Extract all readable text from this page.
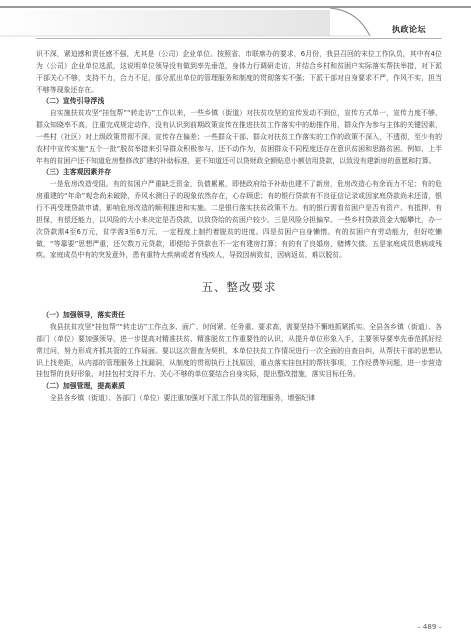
执政论坛

识不深，紧迫感和责任感不强，尤其是（公司）企业单位。按照省、市联席办的要求，6月份，我县召回的末位工作队员，其中有4位为（公司）企业单位选派，这说明单位领导没有做到率先垂范，身体力行调研走访，并结合乡村和贫困户实际落实帮扶举措，对下派干部关心不够，支持不力，合力不足，部分派出单位的管理服务和制度的贯彻落实不强；下派干部对自身要求不严，作风不实，担当不够等现象还存在。

（二）宣传引导浮浅

自实施扶贫攻坚“挂包帮”“转走访”工作以来，一些乡镇（街道）对扶贫攻坚的宣传发动不到位，宣传方式单一，宣传力度不够，群众知晓率不高，注重完成规定动作，没有认识到前期政策宣传在推进扶贫工作落实中的助推作用，群众作为参与主体的关键因素，一些村（社区）对上级政策贯彻不深，宣传存在偏差；一些群众干部、群众对扶贫工作落实的工作的政策不深入，不透彻，至少有的农村中宣传实施“五个一批”脱贫举措来引导群众积极参与，还不动作为，贫困群众不同程度还存在意识贫困和思路贫困。例如，上半年有的贫困户还不知道危房整修改扩建的补助标准，更不知道还可以贷财政全额贴息小额信用贷款，以致没有建新房的意愿和打算。

（三）主客观因素并存

一是危房改造受阻。有的贫困户严重缺乏资金，负债累累，即使政府给予补助也建不了新房，危房改造心有余而力不足；有的危房重建的“年命”观念尚未破除，乔风水测日子的现象依然存在，心存顾虑；有的银行贷款有不良征信记录或因家庭贷款尚未还清，银行不再受理贷款申请，影响危房改造的顺利推进和实施。二是银行落实扶贫政策不力。有的银行需看贫困户是否有资产、有抵押、有担保，有偿还能力，以风险的大小来决定是否贷款，以致贷给的贫困户较少。三是风险分担偏窄。一些乡村贷款资金大幅攀比，办一次贷款需4至6万元，贫学需3至6万元，一定程度上制约着脱贫的进度。四是贫困户自身懒惰。有的贫困户有劳动能力，但好吃懒做，“等靠要”思想严重，还欠数万元贷款，即便给予贷款也不一定有建房打算；有的有了良婚房，赌博欠债。五是家庭成员患病或残疾。家庭成员中有的突发意外，患有重特大疾病或者有残疾人，导致因病致贫，因病返贫，难以脱贫。

五、整改要求

（一）加强领导，落实责任

我县扶贫攻坚“挂包帮”“转走访”工作点多、面广、时间紧、任务重、要求高，需要坚持不懈地抓紧抓实。全县各乡镇（街道）、各部门（单位）要加强领导，进一步提高对精准扶贫、精准脱贫工作重要性的认识，从提升单位形象入手，主要领导要率先垂范抓好经常过问，努力形成齐抓共管的工作局面。要以这次督查为契机，本单位扶贫工作情况进行一次全面的自查自纠，从帮扶干部的思想认识上找差距，从内部的管理服务上找漏洞，从制度的贯彻执行上找原因，重点落实挂包村的帮扶事项，工作经费等问题，进一步营造挂包帮的良好形象，对挂包村支持不力、关心不够的单位要结合自身实际，提出整改措施，落实目标任务。

（二）加强管理，提高素质

全县各乡镇（街道）、各部门（单位）要注重加强对下派工作队员的管理服务，增强纪律

– 489 –
